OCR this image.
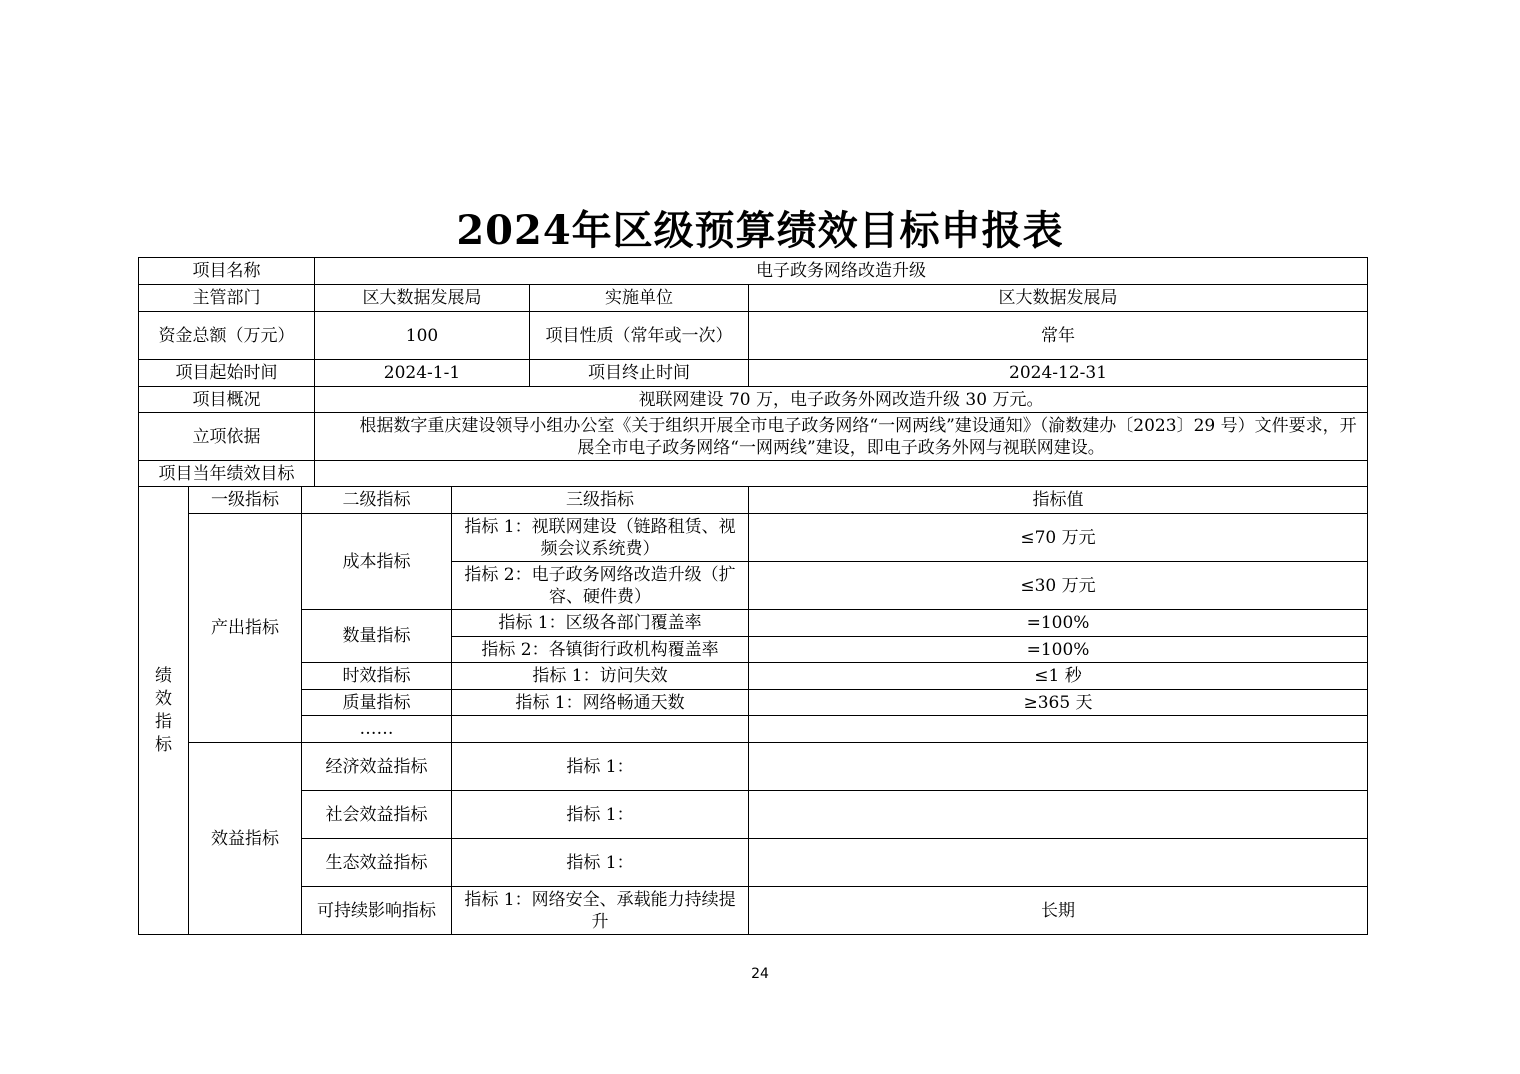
2024年区级预算绩效目标申报表
项目名称			电子政务网络改造升级			
主管部门			区大数据发展局		实施单位	区大数据发展局
资金总额（万元）			100		项目性质（常年或一次）	常年
项目起始时间			2024-1-1		项目终止时间	2024-12-31
项目概况			视联网建设 70 万，电子政务外网改造升级 30 万元。			
立项依据			根据数字重庆建设领导小组办公室《关于组织开展全市电子政务网络“一网两线”建设通知》（渝数建办〔2023〕29 号）文件要求，开展全市电子政务网络“一网两线”建设，即电子政务外网与视联网建设。			
项目当年绩效目标						
绩效指标	一级指标	二级指标		三级指标		指标值
	产出指标	成本指标		指标 1：视联网建设（链路租赁、视频会议系统费）		≤70 万元
				指标 2：电子政务网络改造升级（扩容、硬件费）		≤30 万元
		数量指标		指标 1：区级各部门覆盖率		=100%
				指标 2：各镇街行政机构覆盖率		=100%
		时效指标		指标 1：访问失效		≤1 秒
		质量指标		指标 1：网络畅通天数		≥365 天
		……				
	效益指标	经济效益指标		指标 1：		
		社会效益指标		指标 1：		
		生态效益指标		指标 1：		
		可持续影响指标		指标 1：网络安全、承载能力持续提升		长期
24
